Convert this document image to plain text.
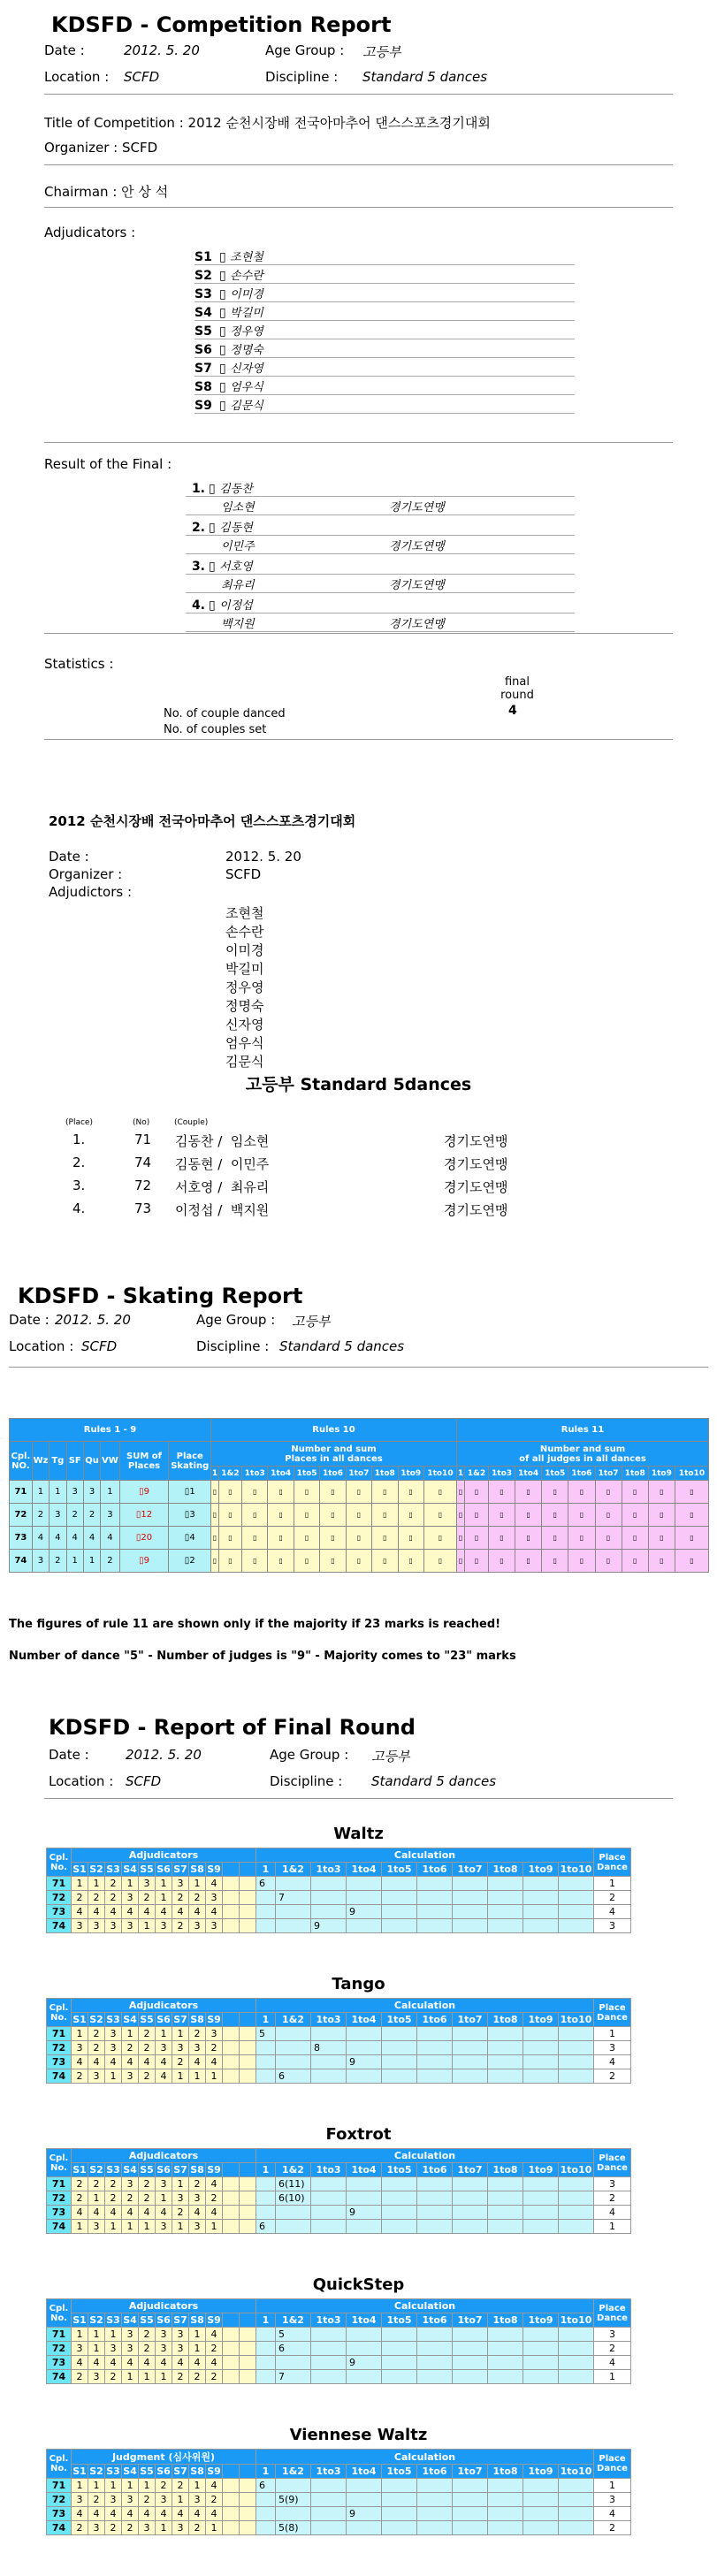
KDSFD - Competition Report
Date :	2012. 5. 20	Age Group : 고등부
Location : SCFD	Discipline : Standard 5 dances
Title of Competition : 2012 순천시장배 전국아마추어 댄스스포츠경기대회
Organizer : SCFD
Chairman : 안 상 석
Adjudicators :
S1 ▯ 조현철
S2 ▯ 손수란
S3 ▯ 이미경
S4 ▯ 박길미
S5 ▯ 정우영
S6 ▯ 정명숙
S7 ▯ 신자영
S8 ▯ 엄우식
S9 ▯ 김문식
Result of the Final :
1. ▯ 김동찬
임소현	경기도연맹
2. ▯ 김동현
이민주	경기도연맹
3. ▯ 서호영
최유리	경기도연맹
4. ▯ 이정섭
백지원	경기도연맹
Statistics :
final round
No. of couple danced	4
No. of couples set
2012 순천시장배 전국아마추어 댄스스포츠경기대회
Date :	2012. 5. 20
Organizer :	SCFD
Adjudictors :
조현철
손수란
이미경
박길미
정우영
정명숙
신자영
엄우식
김문식
고등부 Standard 5dances
(Place)	(No)	(Couple)
1.	71 김동찬 /  임소현	경기도연맹
2.	74 김동현 /  이민주	경기도연맹
3.	72 서호영 /  최유리	경기도연맹
4.	73 이정섭 /  백지원	경기도연맹
KDSFD - Skating Report
Date : 2012. 5. 20	Age Group : 고등부
Location : SCFD	Discipline : Standard 5 dances
Rules 1 - 9								Rules 10										Rules 11									
Cpl. NO.	Wz	Tg	SF	Qu	VW	SUM of Places	Place Skating	Number and sum
Places in all dances										Number and sum
of all judges in all dances									
								1	1&2	1to3	1to4	1to5	1to6	1to7	1to8	1to9	1to10	1	1&2	1to3	1to4	1to5	1to6	1to7	1to8	1to9	1to10
71	1	1	3	3	1	▯9	▯1	▯	▯	▯	▯	▯	▯	▯	▯	▯	▯	▯	▯	▯	▯	▯	▯	▯	▯	▯	▯
72	2	3	2	2	3	▯12	▯3	▯	▯	▯	▯	▯	▯	▯	▯	▯	▯	▯	▯	▯	▯	▯	▯	▯	▯	▯	▯
73	4	4	4	4	4	▯20	▯4	▯	▯	▯	▯	▯	▯	▯	▯	▯	▯	▯	▯	▯	▯	▯	▯	▯	▯	▯	▯
74	3	2	1	1	2	▯9	▯2	▯	▯	▯	▯	▯	▯	▯	▯	▯	▯	▯	▯	▯	▯	▯	▯	▯	▯	▯	▯
The figures of rule 11 are shown only if the majority if 23 marks is reached!
Number of dance "5" - Number of judges is "9" - Majority comes to "23" marks
KDSFD - Report of Final Round
Date :	2012. 5. 20	Age Group : 고등부
Location : SCFD	Discipline : Standard 5 dances
Waltz
Cpl. No.	Adjudicators											Calculation										Place Dance
	S1	S2	S3	S4	S5	S6	S7	S8	S9			1	1&2	1to3	1to4	1to5	1to6	1to7	1to8	1to9	1to10	
71	1	1	2	1	3	1	3	1	4			6										1
72	2	2	2	3	2	1	2	2	3				7									2
73	4	4	4	4	4	4	4	4	4						9							4
74	3	3	3	3	1	3	2	3	3					9								3
Tango
Cpl. No.	Adjudicators											Calculation										Place Dance
	S1	S2	S3	S4	S5	S6	S7	S8	S9			1	1&2	1to3	1to4	1to5	1to6	1to7	1to8	1to9	1to10	
71	1	2	3	1	2	1	1	2	3			5										1
72	3	2	3	2	2	3	3	3	2					8								3
73	4	4	4	4	4	4	2	4	4						9							4
74	2	3	1	3	2	4	1	1	1				6									2
Foxtrot
Cpl. No.	Adjudicators											Calculation										Place Dance
	S1	S2	S3	S4	S5	S6	S7	S8	S9			1	1&2	1to3	1to4	1to5	1to6	1to7	1to8	1to9	1to10	
71	2	2	2	3	2	3	1	2	4				6(11)									3
72	2	1	2	2	2	1	3	3	2				6(10)									2
73	4	4	4	4	4	4	2	4	4						9							4
74	1	3	1	1	1	3	1	3	1			6										1
QuickStep
Cpl. No.	Adjudicators											Calculation										Place Dance
	S1	S2	S3	S4	S5	S6	S7	S8	S9			1	1&2	1to3	1to4	1to5	1to6	1to7	1to8	1to9	1to10	
71	1	1	1	3	2	3	3	1	4				5									3
72	3	1	3	3	2	3	3	1	2				6									2
73	4	4	4	4	4	4	4	4	4						9							4
74	2	3	2	1	1	1	2	2	2				7									1
Viennese Waltz
Cpl. No.	Judgment (심사위원)											Calculation										Place Dance
	S1	S2	S3	S4	S5	S6	S7	S8	S9			1	1&2	1to3	1to4	1to5	1to6	1to7	1to8	1to9	1to10	
71	1	1	1	1	1	2	2	1	4			6										1
72	3	2	3	3	2	3	1	3	2				5(9)									3
73	4	4	4	4	4	4	4	4	4						9							4
74	2	3	2	2	3	1	3	2	1				5(8)									2
